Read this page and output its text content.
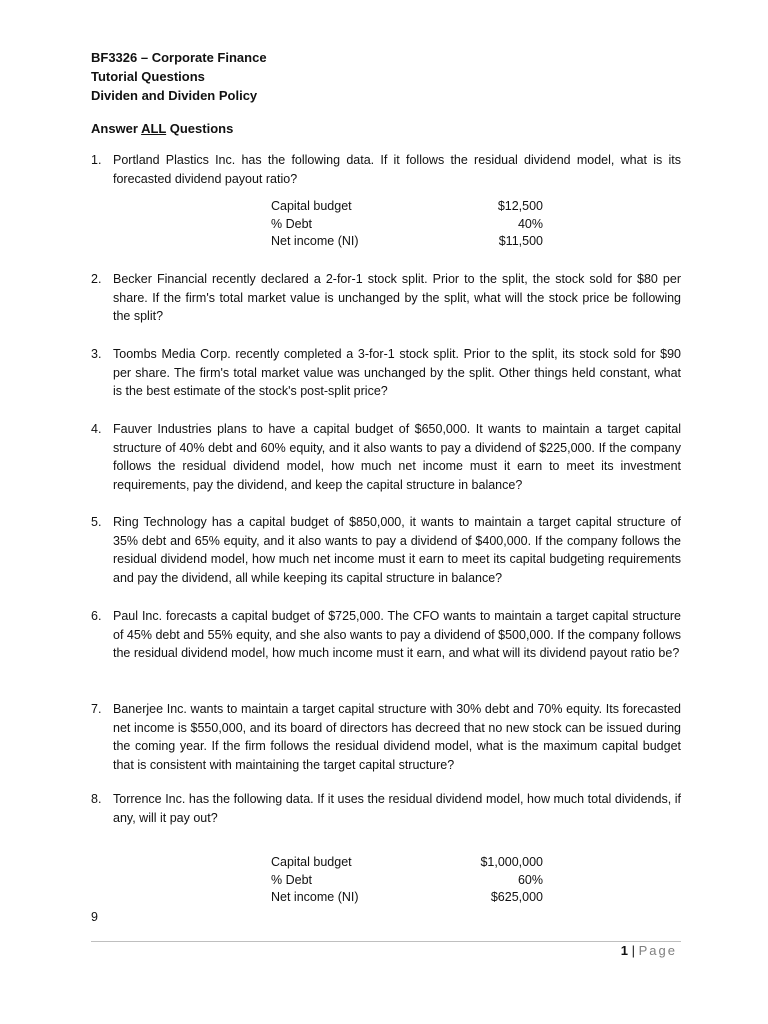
BF3326 – Corporate Finance
Tutorial Questions
Dividen and Dividen Policy
Answer ALL Questions
1. Portland Plastics Inc. has the following data. If it follows the residual dividend model, what is its forecasted dividend payout ratio?
Capital budget	$12,500
% Debt	40%
Net income (NI)	$11,500
2. Becker Financial recently declared a 2-for-1 stock split. Prior to the split, the stock sold for $80 per share. If the firm's total market value is unchanged by the split, what will the stock price be following the split?
3. Toombs Media Corp. recently completed a 3-for-1 stock split. Prior to the split, its stock sold for $90 per share. The firm's total market value was unchanged by the split. Other things held constant, what is the best estimate of the stock's post-split price?
4. Fauver Industries plans to have a capital budget of $650,000. It wants to maintain a target capital structure of 40% debt and 60% equity, and it also wants to pay a dividend of $225,000. If the company follows the residual dividend model, how much net income must it earn to meet its investment requirements, pay the dividend, and keep the capital structure in balance?
5. Ring Technology has a capital budget of $850,000, it wants to maintain a target capital structure of 35% debt and 65% equity, and it also wants to pay a dividend of $400,000. If the company follows the residual dividend model, how much net income must it earn to meet its capital budgeting requirements and pay the dividend, all while keeping its capital structure in balance?
6. Paul Inc. forecasts a capital budget of $725,000. The CFO wants to maintain a target capital structure of 45% debt and 55% equity, and she also wants to pay a dividend of $500,000. If the company follows the residual dividend model, how much income must it earn, and what will its dividend payout ratio be?
7. Banerjee Inc. wants to maintain a target capital structure with 30% debt and 70% equity. Its forecasted net income is $550,000, and its board of directors has decreed that no new stock can be issued during the coming year. If the firm follows the residual dividend model, what is the maximum capital budget that is consistent with maintaining the target capital structure?
8. Torrence Inc. has the following data. If it uses the residual dividend model, how much total dividends, if any, will it pay out?
Capital budget	$1,000,000
% Debt	60%
Net income (NI)	$625,000
9
1 | Page
